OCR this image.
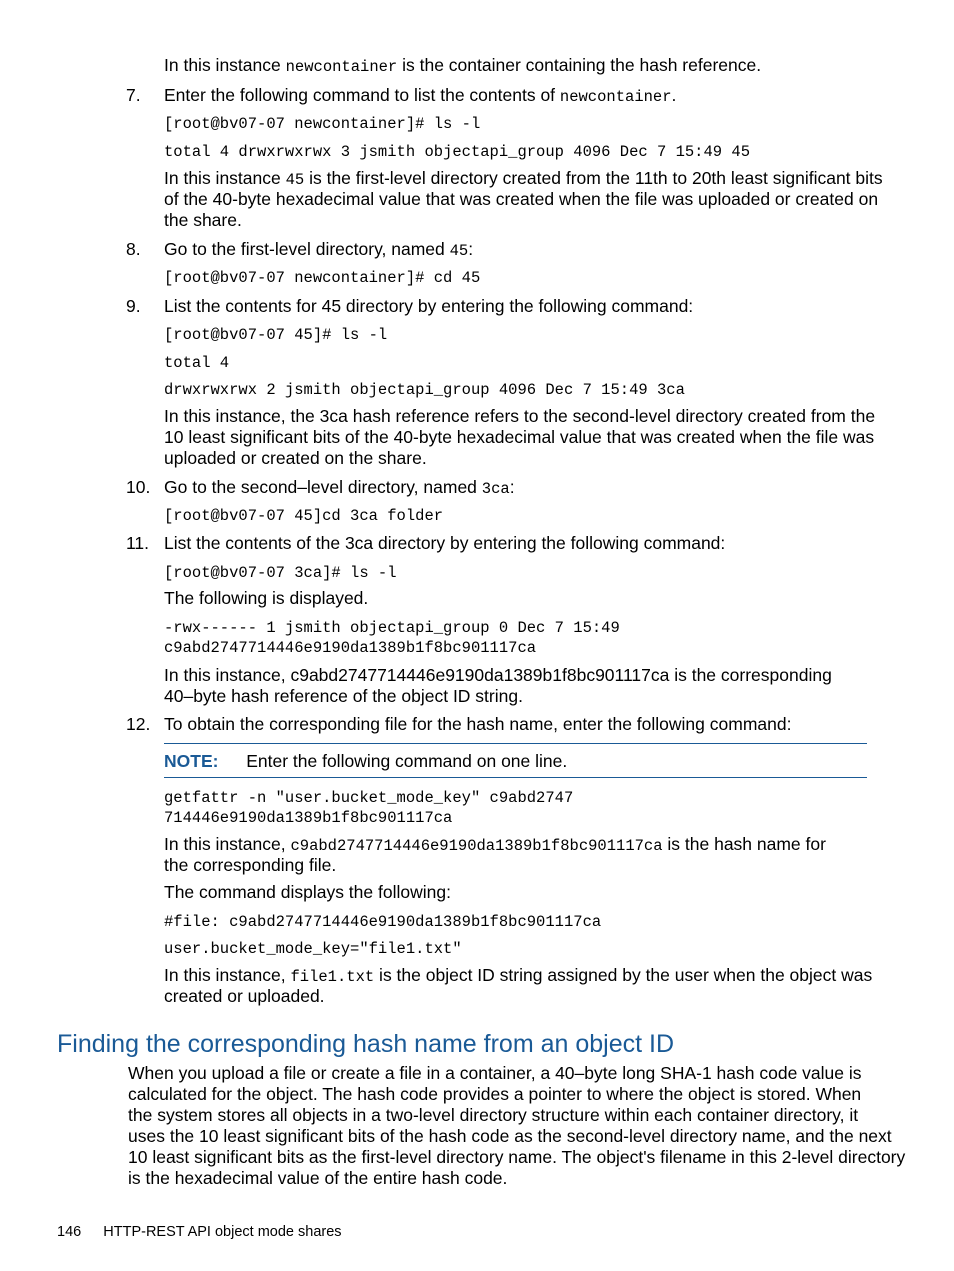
In this instance newcontainer is the container containing the hash reference.
7.	Enter the following command to list the contents of newcontainer.
[root@bv07-07 newcontainer]# ls -l
total 4 drwxrwxrwx 3 jsmith objectapi_group 4096 Dec 7 15:49 45
In this instance 45 is the first-level directory created from the 11th to 20th least significant bits
of the 40-byte hexadecimal value that was created when the file was uploaded or created on
the share.
8.	Go to the first-level directory, named 45:
[root@bv07-07 newcontainer]# cd 45
9.	List the contents for 45 directory by entering the following command:
[root@bv07-07 45]# ls -l
total 4
drwxrwxrwx 2 jsmith objectapi_group 4096 Dec 7 15:49 3ca
In this instance, the 3ca hash reference refers to the second-level directory created from the
10 least significant bits of the 40-byte hexadecimal value that was created when the file was
uploaded or created on the share.
10. Go to the second–level directory, named 3ca:
[root@bv07-07 45]cd 3ca folder
11. List the contents of the 3ca directory by entering the following command:
[root@bv07-07 3ca]# ls -l
The following is displayed.
-rwx------ 1 jsmith objectapi_group 0 Dec 7 15:49
c9abd2747714446e9190da1389b1f8bc901117ca
In this instance, c9abd2747714446e9190da1389b1f8bc901117ca is the corresponding
40–byte hash reference of the object ID string.
12. To obtain the corresponding file for the hash name, enter the following command:
NOTE: Enter the following command on one line.
getfattr -n "user.bucket_mode_key" c9abd2747
714446e9190da1389b1f8bc901117ca
In this instance, c9abd2747714446e9190da1389b1f8bc901117ca is the hash name for
the corresponding file.
The command displays the following:
#file: c9abd2747714446e9190da1389b1f8bc901117ca
user.bucket_mode_key="file1.txt"
In this instance, file1.txt is the object ID string assigned by the user when the object was
created or uploaded.
Finding the corresponding hash name from an object ID
When you upload a file or create a file in a container, a 40–byte long SHA-1 hash code value is
calculated for the object. The hash code provides a pointer to where the object is stored. When
the system stores all objects in a two-level directory structure within each container directory, it
uses the 10 least significant bits of the hash code as the second-level directory name, and the next
10 least significant bits as the first-level directory name. The object's filename in this 2-level directory
is the hexadecimal value of the entire hash code.
146 HTTP-REST API object mode shares
